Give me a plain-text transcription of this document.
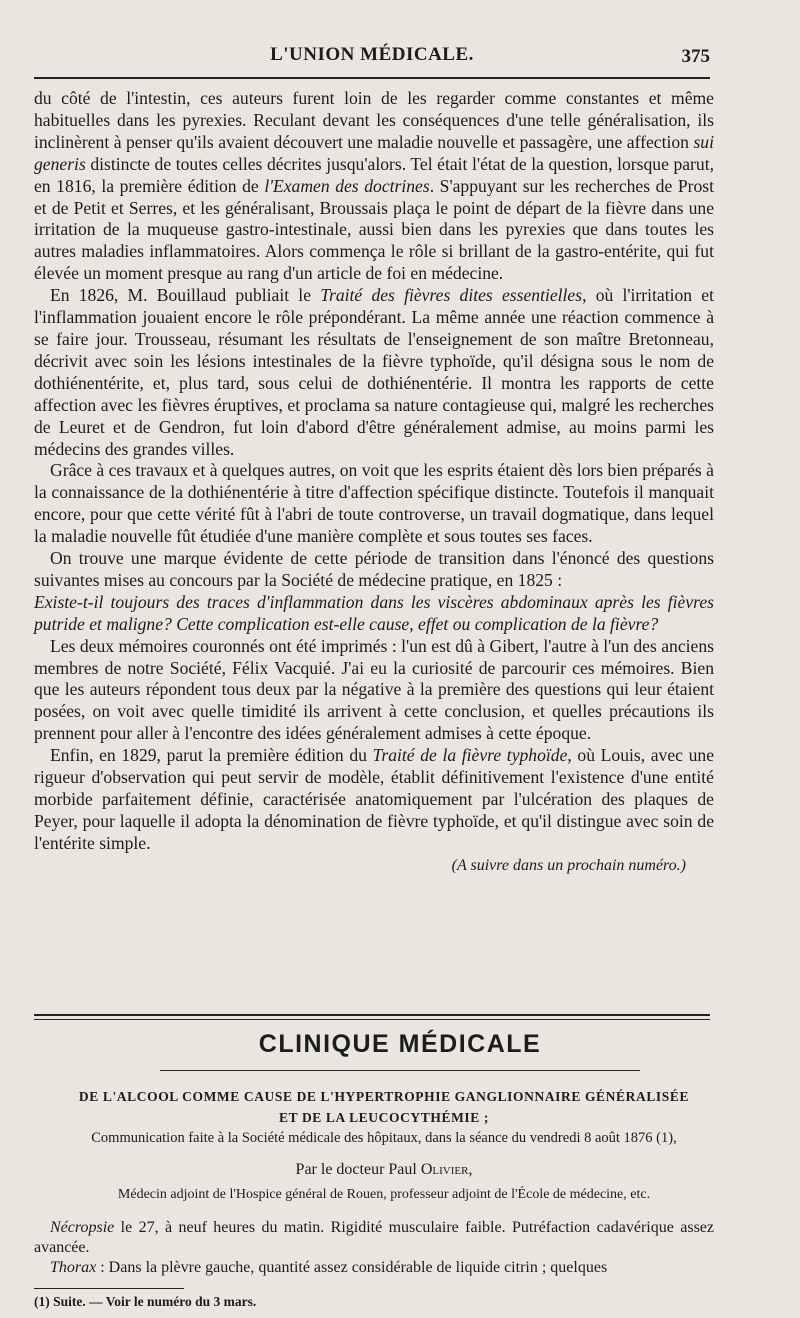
L'UNION MÉDICALE.	375

du côté de l'intestin, ces auteurs furent loin de les regarder comme constantes et même habituelles dans les pyrexies. Reculant devant les conséquences d'une telle généralisation, ils inclinèrent à penser qu'ils avaient découvert une maladie nouvelle et passagère, une affection sui generis distincte de toutes celles décrites jusqu'alors. Tel était l'état de la question, lorsque parut, en 1816, la première édition de l'Examen des doctrines. S'appuyant sur les recherches de Prost et de Petit et Serres, et les généralisant, Broussais plaça le point de départ de la fièvre dans une irritation de la muqueuse gastro-intestinale, aussi bien dans les pyrexies que dans toutes les autres maladies inflammatoires. Alors commença le rôle si brillant de la gastro-entérite, qui fut élevée un moment presque au rang d'un article de foi en médecine.

En 1826, M. Bouillaud publiait le Traité des fièvres dites essentielles, où l'irritation et l'inflammation jouaient encore le rôle prépondérant. La même année une réaction commence à se faire jour. Trousseau, résumant les résultats de l'enseignement de son maître Bretonneau, décrivit avec soin les lésions intestinales de la fièvre typhoïde, qu'il désigna sous le nom de dothiénentérite, et, plus tard, sous celui de dothiénentérie. Il montra les rapports de cette affection avec les fièvres éruptives, et proclama sa nature contagieuse qui, malgré les recherches de Leuret et de Gendron, fut loin d'abord d'être généralement admise, au moins parmi les médecins des grandes villes.

Grâce à ces travaux et à quelques autres, on voit que les esprits étaient dès lors bien préparés à la connaissance de la dothiénentérie à titre d'affection spécifique distincte. Toutefois il manquait encore, pour que cette vérité fût à l'abri de toute controverse, un travail dogmatique, dans lequel la maladie nouvelle fût étudiée d'une manière complète et sous toutes ses faces.

On trouve une marque évidente de cette période de transition dans l'énoncé des questions suivantes mises au concours par la Société de médecine pratique, en 1825 :

Existe-t-il toujours des traces d'inflammation dans les viscères abdominaux après les fièvres putride et maligne? Cette complication est-elle cause, effet ou complication de la fièvre?

Les deux mémoires couronnés ont été imprimés : l'un est dû à Gibert, l'autre à l'un des anciens membres de notre Société, Félix Vacquié. J'ai eu la curiosité de parcourir ces mémoires. Bien que les auteurs répondent tous deux par la négative à la première des questions qui leur étaient posées, on voit avec quelle timidité ils arrivent à cette conclusion, et quelles précautions ils prennent pour aller à l'encontre des idées généralement admises à cette époque.

Enfin, en 1829, parut la première édition du Traité de la fièvre typhoïde, où Louis, avec une rigueur d'observation qui peut servir de modèle, établit définitivement l'existence d'une entité morbide parfaitement définie, caractérisée anatomiquement par l'ulcération des plaques de Peyer, pour laquelle il adopta la dénomination de fièvre typhoïde, et qu'il distingue avec soin de l'entérite simple.

(A suivre dans un prochain numéro.)
CLINIQUE MÉDICALE
DE L'ALCOOL COMME CAUSE DE L'HYPERTROPHIE GANGLIONNAIRE GÉNÉRALISÉE
ET DE LA LEUCOCYTHÉMIE ;
Communication faite à la Société médicale des hôpitaux, dans la séance du vendredi 8 août 1876 (1),
Par le docteur Paul Olivier,
Médecin adjoint de l'Hospice général de Rouen, professeur adjoint de l'École de médecine, etc.

Nécropsie le 27, à neuf heures du matin. Rigidité musculaire faible. Putréfaction cadavérique assez avancée.

Thorax : Dans la plèvre gauche, quantité assez considérable de liquide citrin ; quelques

(1) Suite. — Voir le numéro du 3 mars.
